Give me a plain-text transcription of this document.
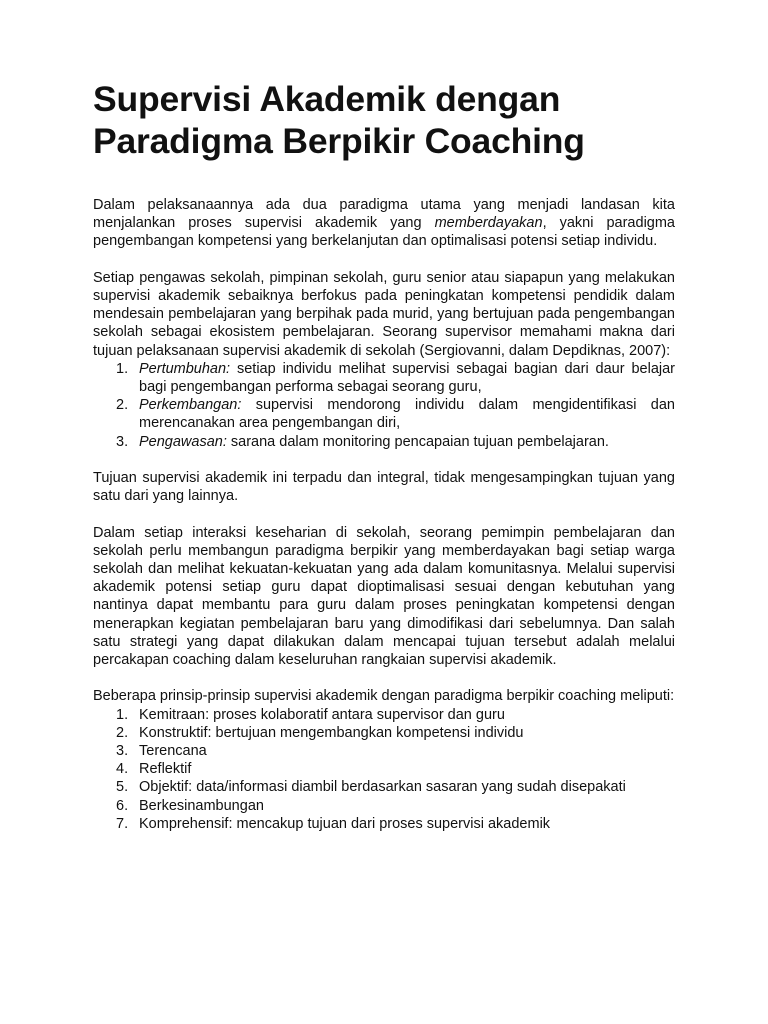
Supervisi Akademik dengan
Paradigma Berpikir Coaching

Dalam pelaksanaannya ada dua paradigma utama yang menjadi landasan kita menjalankan proses supervisi akademik yang memberdayakan, yakni paradigma pengembangan kompetensi yang berkelanjutan dan optimalisasi potensi setiap individu.

Setiap pengawas sekolah, pimpinan sekolah, guru senior atau siapapun yang melakukan supervisi akademik sebaiknya berfokus pada peningkatan kompetensi pendidik dalam mendesain pembelajaran yang berpihak pada murid, yang bertujuan pada pengembangan sekolah sebagai ekosistem pembelajaran. Seorang supervisor memahami makna dari tujuan pelaksanaan supervisi akademik di sekolah (Sergiovanni, dalam Depdiknas, 2007):

1. Pertumbuhan: setiap individu melihat supervisi sebagai bagian dari daur belajar bagi pengembangan performa sebagai seorang guru,
2. Perkembangan: supervisi mendorong individu dalam mengidentifikasi dan merencanakan area pengembangan diri,
3. Pengawasan: sarana dalam monitoring pencapaian tujuan pembelajaran.

Tujuan supervisi akademik ini terpadu dan integral, tidak mengesampingkan tujuan yang satu dari yang lainnya.

Dalam setiap interaksi keseharian di sekolah, seorang pemimpin pembelajaran dan sekolah perlu membangun paradigma berpikir yang memberdayakan bagi setiap warga sekolah dan melihat kekuatan-kekuatan yang ada dalam komunitasnya. Melalui supervisi akademik potensi setiap guru dapat dioptimalisasi sesuai dengan kebutuhan yang nantinya dapat membantu para guru dalam proses peningkatan kompetensi dengan menerapkan kegiatan pembelajaran baru yang dimodifikasi dari sebelumnya. Dan salah satu strategi yang dapat dilakukan dalam mencapai tujuan tersebut adalah melalui percakapan coaching dalam keseluruhan rangkaian supervisi akademik.

Beberapa prinsip-prinsip supervisi akademik dengan paradigma berpikir coaching meliputi:

1. Kemitraan: proses kolaboratif antara supervisor dan guru
2. Konstruktif: bertujuan mengembangkan kompetensi individu
3. Terencana
4. Reflektif
5. Objektif: data/informasi diambil berdasarkan sasaran yang sudah disepakati
6. Berkesinambungan
7. Komprehensif: mencakup tujuan dari proses supervisi akademik
